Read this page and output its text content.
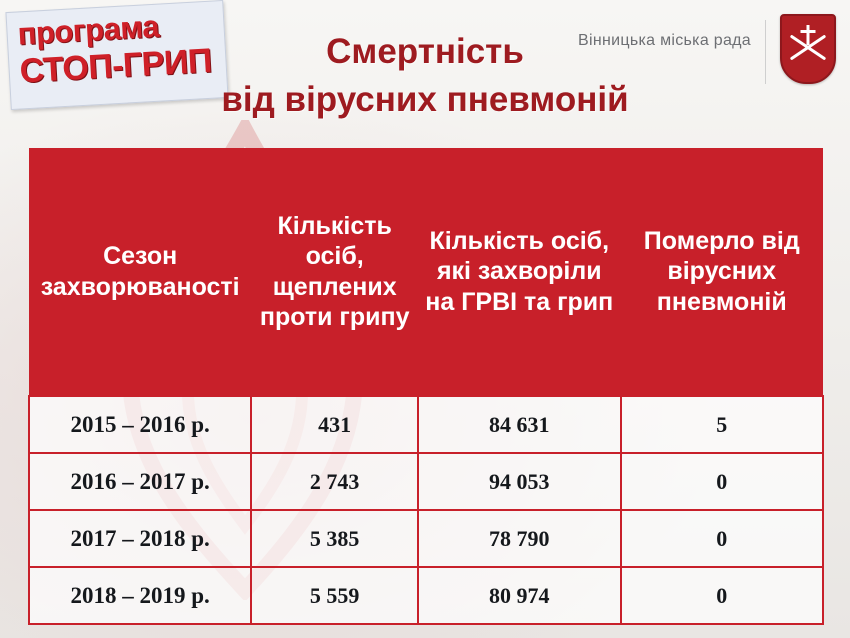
програма
СТОП-ГРИП
Вінницька міська рада
Смертність
від вірусних пневмоній
Сезон захворюваності	Кількість осіб, щеплених проти грипу	Кількість осіб, які захворіли на ГРВІ та грип	Померло від вірусних пневмоній
2015 – 2016 р.	431	84 631	5
2016 – 2017 р.	2 743	94 053	0
2017 – 2018 р.	5 385	78 790	0
2018 – 2019 р.	5 559	80 974	0
